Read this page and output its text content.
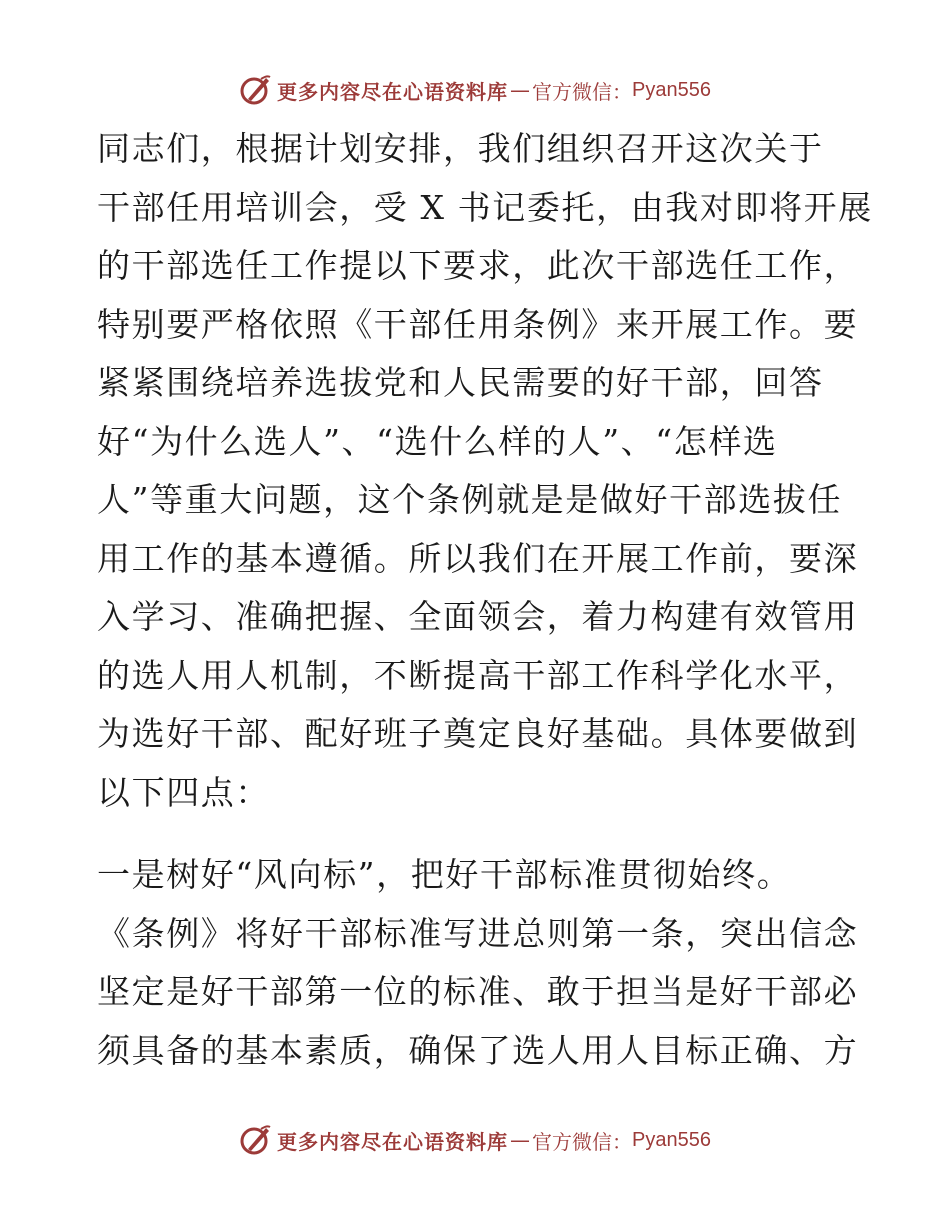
更多内容尽在心语资料库 — 官方微信： Pyan556
同志们，根据计划安排，我们组织召开这次关于
干部任用培训会，受 X 书记委托，由我对即将开展
的干部选任工作提以下要求，此次干部选任工作，
特别要严格依照《干部任用条例》来开展工作。要
紧紧围绕培养选拔党和人民需要的好干部，回答
好“为什么选人”、“选什么样的人”、“怎样选
人”等重大问题，这个条例就是是做好干部选拔任
用工作的基本遵循。所以我们在开展工作前，要深
入学习、准确把握、全面领会，着力构建有效管用
的选人用人机制，不断提高干部工作科学化水平，
为选好干部、配好班子奠定良好基础。具体要做到
以下四点：
一是树好“风向标”，把好干部标准贯彻始终。
《条例》将好干部标准写进总则第一条，突出信念
坚定是好干部第一位的标准、敢于担当是好干部必
须具备的基本素质，确保了选人用人目标正确、方
更多内容尽在心语资料库 — 官方微信： Pyan556
